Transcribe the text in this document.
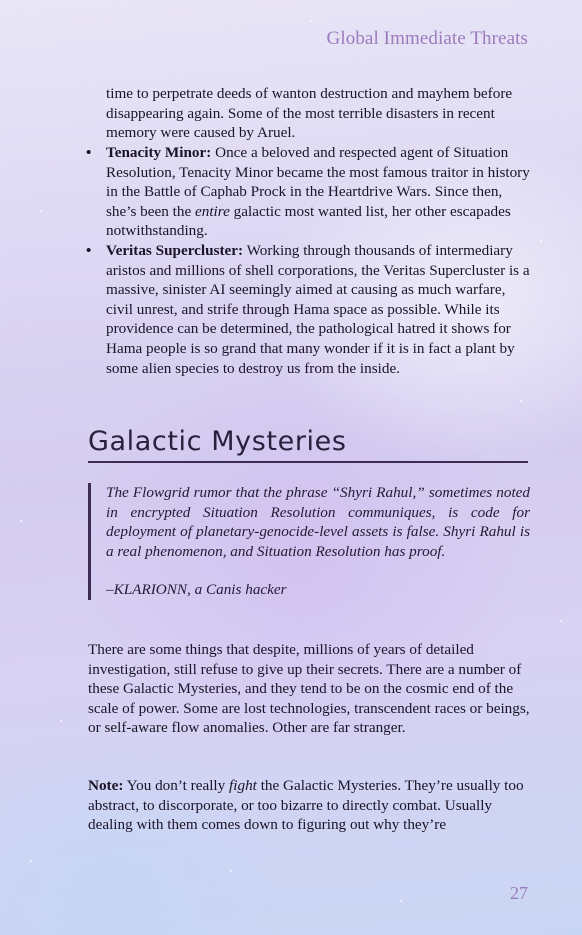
Global Immediate Threats

time to perpetrate deeds of wanton destruction and mayhem before disappearing again. Some of the most terrible disasters in recent memory were caused by Aruel.

• Tenacity Minor: Once a beloved and respected agent of Situation Resolution, Tenacity Minor became the most famous traitor in history in the Battle of Caphab Prock in the Heartdrive Wars. Since then, she’s been the entire galactic most wanted list, her other escapades notwithstanding.

• Veritas Supercluster: Working through thousands of intermediary aristos and millions of shell corporations, the Veritas Supercluster is a massive, sinister AI seemingly aimed at causing as much warfare, civil unrest, and strife through Hama space as possible. While its providence can be determined, the pathological hatred it shows for Hama people is so grand that many wonder if it is in fact a plant by some alien species to destroy us from the inside.

Galactic Mysteries

The Flowgrid rumor that the phrase “Shyri Rahul,” sometimes noted in encrypted Situation Resolution communiques, is code for deployment of planetary-genocide-level assets is false. Shyri Rahul is a real phenomenon, and Situation Resolution has proof.

–KLARIONN, a Canis hacker

There are some things that despite, millions of years of detailed investigation, still refuse to give up their secrets. There are a number of these Galactic Mysteries, and they tend to be on the cosmic end of the scale of power. Some are lost technologies, transcendent races or beings, or self-aware flow anomalies. Other are far stranger.

Note: You don’t really fight the Galactic Mysteries. They’re usually too abstract, to discorporate, or too bizarre to directly combat. Usually dealing with them comes down to figuring out why they’re

27
